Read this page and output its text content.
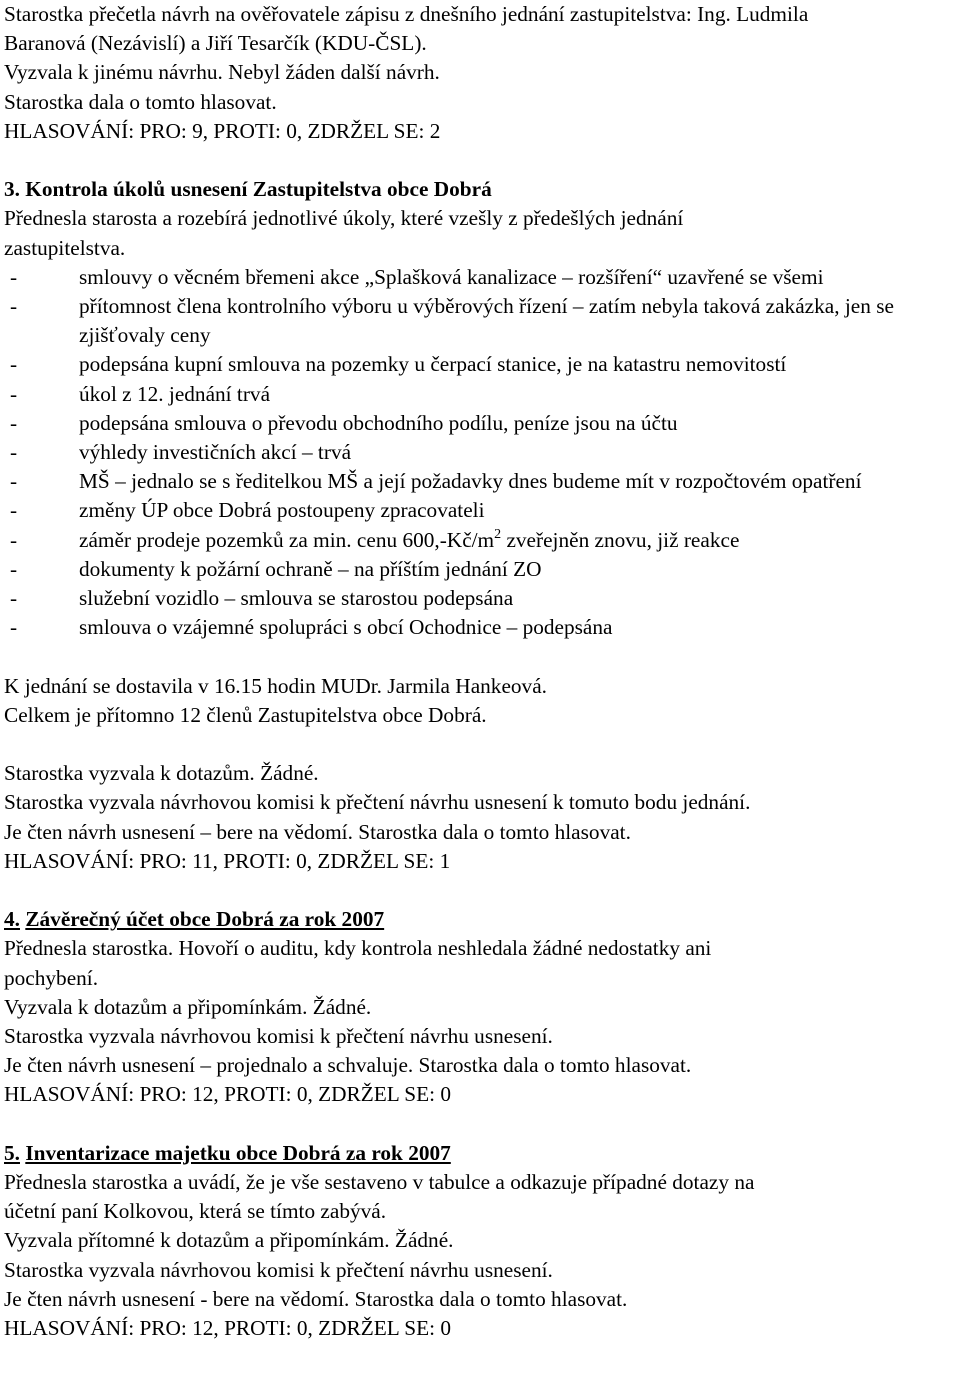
Starostka přečetla návrh na ověřovatele zápisu z dnešního jednání zastupitelstva: Ing. Ludmila
Baranová (Nezávislí) a Jiří Tesarčík (KDU-ČSL).
Vyzvala k jinému návrhu. Nebyl žáden další návrh.
Starostka dala o tomto hlasovat.
HLASOVÁNÍ: PRO: 9, PROTI: 0, ZDRŽEL SE: 2
3. Kontrola úkolů usnesení Zastupitelstva obce Dobrá
Přednesla starosta a rozebírá jednotlivé úkoly, které vzešly z předešlých jednání
zastupitelstva.
- smlouvy o věcném břemeni akce „Splašková kanalizace – rozšíření“ uzavřené se všemi
- přítomnost člena kontrolního výboru u výběrových řízení – zatím nebyla taková zakázka, jen se zjišťovaly ceny
- podepsána kupní smlouva na pozemky u čerpací stanice, je na katastru nemovitostí
- úkol z 12. jednání trvá
- podepsána smlouva o převodu obchodního podílu, peníze jsou na účtu
- výhledy investičních akcí – trvá
- MŠ – jednalo se s ředitelkou MŠ a její požadavky dnes budeme mít v rozpočtovém opatření
- změny ÚP obce Dobrá postoupeny zpracovateli
- záměr prodeje pozemků za min. cenu $600,-Kč/m^2$ zveřejněn znovu, již reakce
- dokumenty k požární ochraně – na příštím jednání ZO
- služební vozidlo – smlouva se starostou podepsána
- smlouva o vzájemné spolupráci s obcí Ochodnice – podepsána
K jednání se dostavila v 16.15 hodin MUDr. Jarmila Hankeová.
Celkem je přítomno 12 členů Zastupitelstva obce Dobrá.
Starostka vyzvala k dotazům. Žádné.
Starostka vyzvala návrhovou komisi k přečtení návrhu usnesení k tomuto bodu jednání.
Je čten návrh usnesení – bere na vědomí. Starostka dala o tomto hlasovat.
HLASOVÁNÍ: PRO: 11, PROTI: 0, ZDRŽEL SE: 1
4. Závěrečný účet obce Dobrá za rok 2007
Přednesla starostka. Hovoří o auditu, kdy kontrola neshledala žádné nedostatky ani
pochybení.
Vyzvala k dotazům a připomínkám. Žádné.
Starostka vyzvala návrhovou komisi k přečtení návrhu usnesení.
Je čten návrh usnesení – projednalo a schvaluje. Starostka dala o tomto hlasovat.
HLASOVÁNÍ: PRO: 12, PROTI: 0, ZDRŽEL SE: 0
5. Inventarizace majetku obce Dobrá za rok 2007
Přednesla starostka a uvádí, že je vše sestaveno v tabulce a odkazuje případné dotazy na
účetní paní Kolkovou, která se tímto zabývá.
Vyzvala přítomné k dotazům a připomínkám. Žádné.
Starostka vyzvala návrhovou komisi k přečtení návrhu usnesení.
Je čten návrh usnesení - bere na vědomí. Starostka dala o tomto hlasovat.
HLASOVÁNÍ: PRO: 12, PROTI: 0, ZDRŽEL SE: 0
